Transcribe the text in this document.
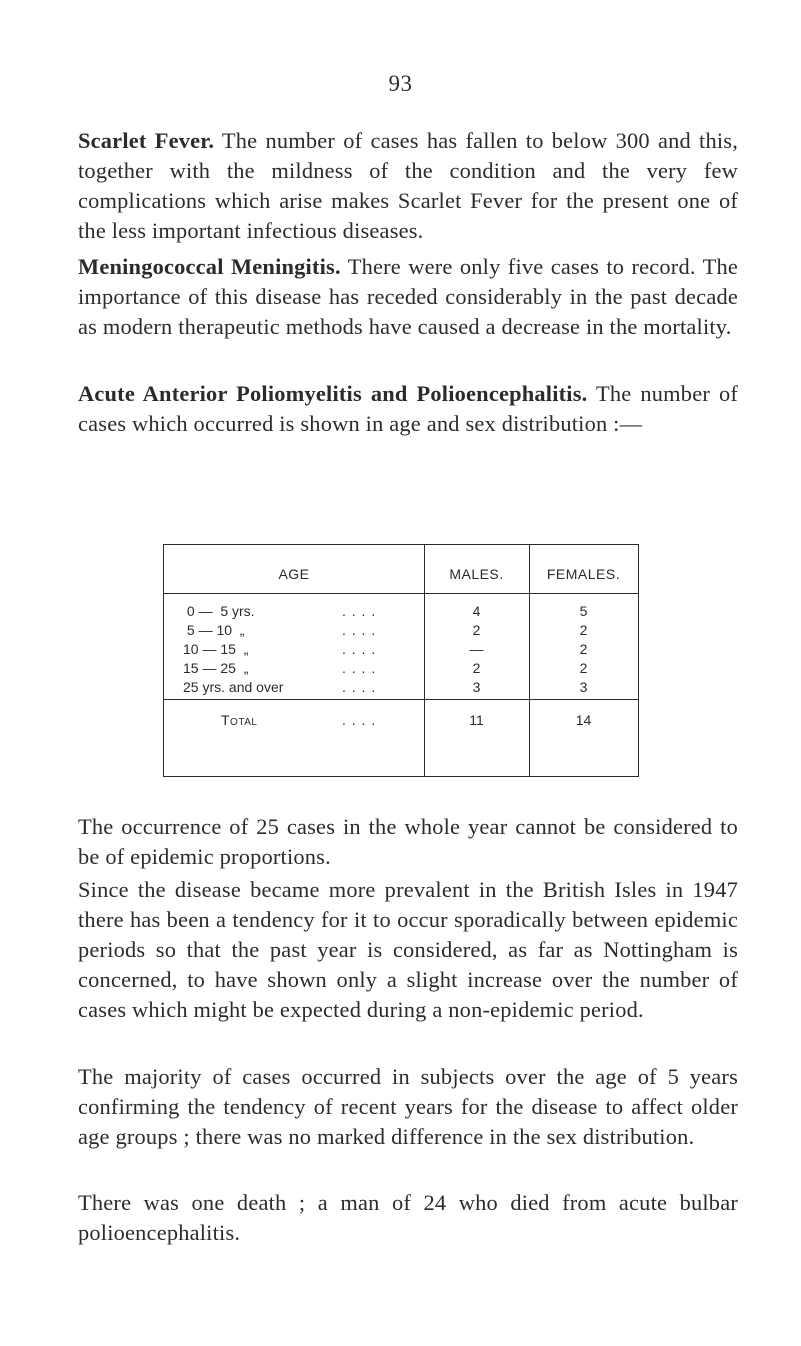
93
Scarlet Fever. The number of cases has fallen to below 300 and this, together with the mildness of the condition and the very few complications which arise makes Scarlet Fever for the present one of the less important infectious diseases.
Meningococcal Meningitis. There were only five cases to record. The importance of this disease has receded considerably in the past decade as modern therapeutic methods have caused a decrease in the mortality.
Acute Anterior Poliomyelitis and Polioencephalitis. The number of cases which occurred is shown in age and sex distribution :—
AGE	MALES.	FEMALES.
0 —  5 yrs.	. . . .	4	5
5 — 10  „	. . . .	2	2
10 — 15  „	. . . .	—	2
15 — 25  „	. . . .	2	2
25 yrs. and over	. . . .	3	3
Total	. . . .	11	14
The occurrence of 25 cases in the whole year cannot be considered to be of epidemic proportions.
Since the disease became more prevalent in the British Isles in 1947 there has been a tendency for it to occur sporadically between epidemic periods so that the past year is considered, as far as Nottingham is concerned, to have shown only a slight increase over the number of cases which might be expected during a non-epidemic period.
The majority of cases occurred in subjects over the age of 5 years confirming the tendency of recent years for the disease to affect older age groups ; there was no marked difference in the sex distribution.
There was one death ; a man of 24 who died from acute bulbar polioencephalitis.
